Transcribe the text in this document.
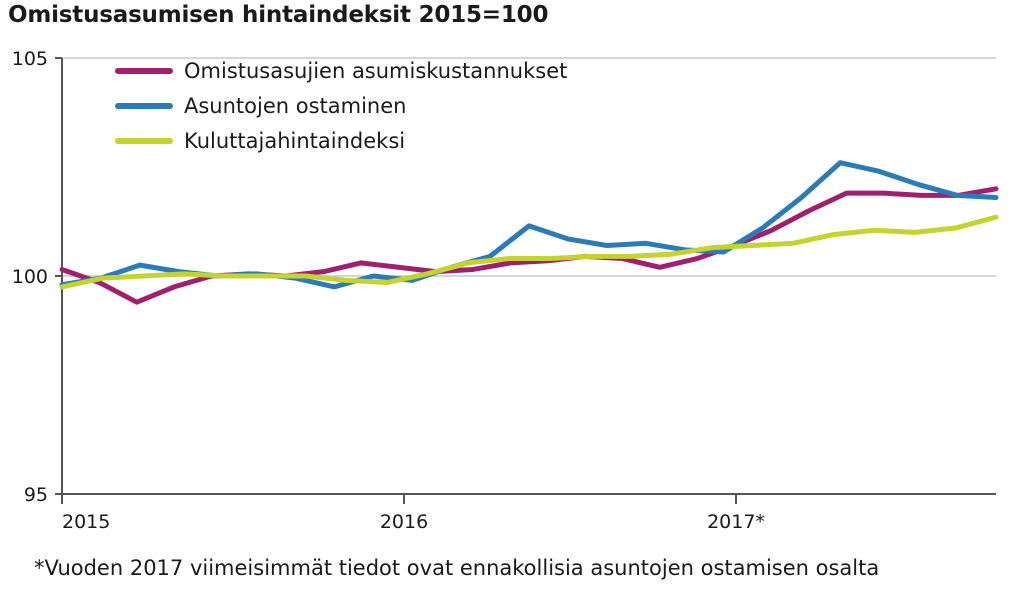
Omistusasumisen hintaindeksit 2015=100
105
100
95
2015	2016	2017*
Omistusasujien asumiskustannukset
Asuntojen ostaminen
Kuluttajahintaindeksi
*Vuoden 2017 viimeisimmät tiedot ovat ennakollisia asuntojen ostamisen osalta
